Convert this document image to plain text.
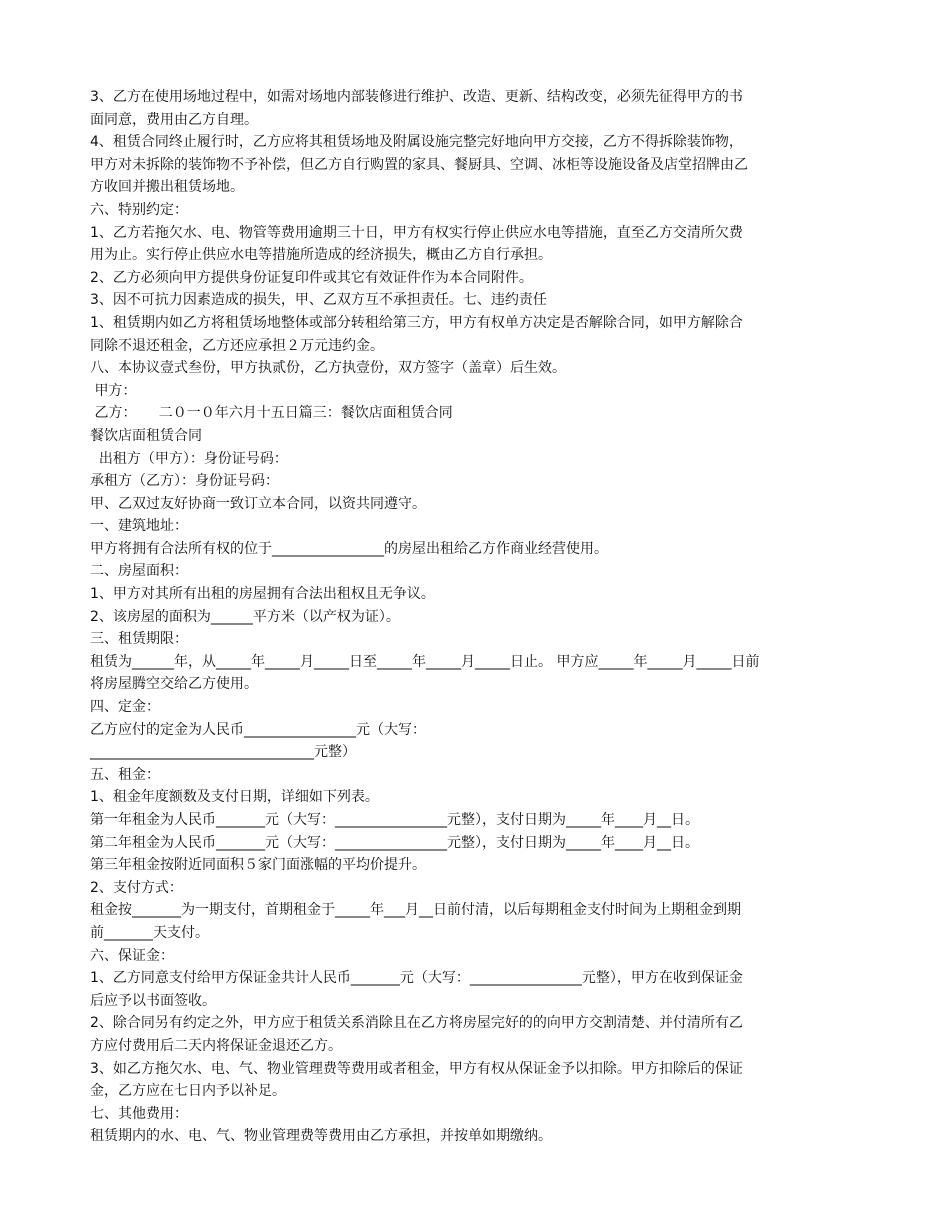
3、乙方在使用场地过程中，如需对场地内部装修进行维护、改造、更新、结构改变，必须先征得甲方的书
面同意，费用由乙方自理。
4、租赁合同终止履行时，乙方应将其租赁场地及附属设施完整完好地向甲方交接，乙方不得拆除装饰物，
甲方对未拆除的装饰物不予补偿，但乙方自行购置的家具、餐厨具、空调、冰柜等设施设备及店堂招牌由乙
方收回并搬出租赁场地。
六、特别约定：
1、乙方若拖欠水、电、物管等费用逾期三十日，甲方有权实行停止供应水电等措施，直至乙方交清所欠费
用为止。实行停止供应水电等措施所造成的经济损失，概由乙方自行承担。
2、乙方必须向甲方提供身份证复印件或其它有效证件作为本合同附件。
3、因不可抗力因素造成的损失，甲、乙双方互不承担责任。七、违约责任
1、租赁期内如乙方将租赁场地整体或部分转租给第三方，甲方有权单方决定是否解除合同，如甲方解除合
同除不退还租金，乙方还应承担２万元违约金。
八、本协议壹式叁份，甲方执贰份，乙方执壹份，双方签字（盖章）后生效。
甲方：
乙方：     二０一０年六月十五日篇三：餐饮店面租赁合同
餐饮店面租赁合同
出租方（甲方）：身份证号码：
承租方（乙方）：身份证号码：
甲、乙双过友好协商一致订立本合同，以资共同遵守。
一、建筑地址：
甲方将拥有合法所有权的位于________________的房屋出租给乙方作商业经营使用。
二、房屋面积：
1、甲方对其所有出租的房屋拥有合法出租权且无争议。
2、该房屋的面积为______平方米（以产权为证）。
三、租赁期限：
租赁为______年，从_____年_____月_____日至_____年_____月_____日止。 甲方应_____年_____月_____日前
将房屋腾空交给乙方使用。
四、定金：
乙方应付的定金为人民币________________元（大写：
________________________________元整）
五、租金：
1、租金年度额数及支付日期，详细如下列表。
第一年租金为人民币_______元（大写：________________元整），支付日期为_____年____月__日。
第二年租金为人民币_______元（大写：________________元整），支付日期为_____年____月__日。
第三年租金按附近同面积５家门面涨幅的平均价提升。
2、支付方式：
租金按_______为一期支付，首期租金于_____年___月__日前付清，以后每期租金支付时间为上期租金到期
前_______天支付。
六、保证金：
1、乙方同意支付给甲方保证金共计人民币_______元（大写：________________元整），甲方在收到保证金
后应予以书面签收。
2、除合同另有约定之外，甲方应于租赁关系消除且在乙方将房屋完好的的向甲方交割清楚、并付清所有乙
方应付费用后二天内将保证金退还乙方。
3、如乙方拖欠水、电、气、物业管理费等费用或者租金，甲方有权从保证金予以扣除。甲方扣除后的保证
金，乙方应在七日内予以补足。
七、其他费用：
租赁期内的水、电、气、物业管理费等费用由乙方承担，并按单如期缴纳。
